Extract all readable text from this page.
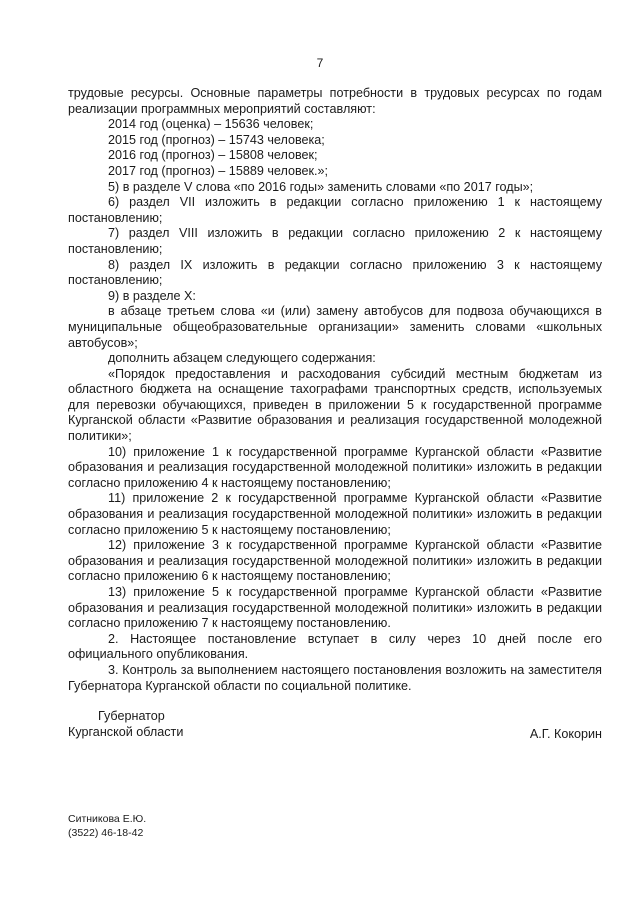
7

трудовые ресурсы. Основные параметры потребности в трудовых ресурсах по годам реализации программных мероприятий составляют:

2014 год (оценка) – 15636 человек;

2015 год (прогноз) – 15743 человека;

2016 год (прогноз) – 15808 человек;

2017 год (прогноз) – 15889 человек.»;

5) в разделе V слова «по 2016 годы» заменить словами «по 2017 годы»;

6) раздел VII изложить в редакции согласно приложению 1 к настоящему постановлению;

7) раздел VIII изложить в редакции согласно приложению 2 к настоящему постановлению;

8) раздел IX изложить в редакции согласно приложению 3 к настоящему постановлению;

9) в разделе X:

в абзаце третьем слова «и (или) замену автобусов для подвоза обучающихся в муниципальные общеобразовательные организации» заменить словами «школьных автобусов»;

дополнить абзацем следующего содержания:

«Порядок предоставления и расходования субсидий местным бюджетам из областного бюджета на оснащение тахографами транспортных средств, используемых для перевозки обучающихся, приведен в приложении 5 к государственной программе Курганской области «Развитие образования и реализация государственной молодежной политики»;

10) приложение 1 к государственной программе Курганской области «Развитие образования и реализация государственной молодежной политики» изложить в редакции согласно приложению 4 к настоящему постановлению;

11) приложение 2 к государственной программе Курганской области «Развитие образования и реализация государственной молодежной политики» изложить в редакции согласно приложению 5 к настоящему постановлению;

12) приложение 3 к государственной программе Курганской области «Развитие образования и реализация государственной молодежной политики» изложить в редакции согласно приложению 6 к настоящему постановлению;

13) приложение 5 к государственной программе Курганской области «Развитие образования и реализация государственной молодежной политики» изложить в редакции согласно приложению 7 к настоящему постановлению.

2. Настоящее постановление вступает в силу через 10 дней после его официального опубликования.

3. Контроль за выполнением настоящего постановления возложить на заместителя Губернатора Курганской области по социальной политике.

Губернатор
Курганской области	А.Г. Кокорин
Ситникова Е.Ю.
(3522) 46-18-42
